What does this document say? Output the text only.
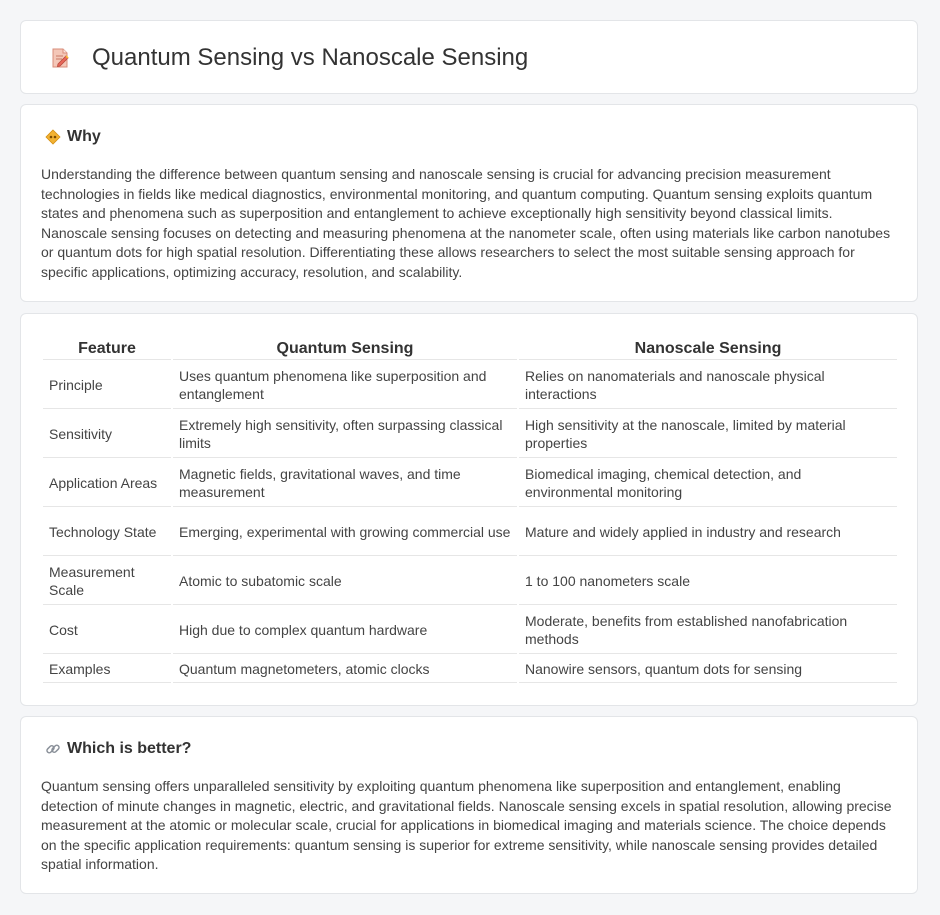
Quantum Sensing vs Nanoscale Sensing
Why

Understanding the difference between quantum sensing and nanoscale sensing is crucial for advancing precision measurement technologies in fields like medical diagnostics, environmental monitoring, and quantum computing. Quantum sensing exploits quantum states and phenomena such as superposition and entanglement to achieve exceptionally high sensitivity beyond classical limits. Nanoscale sensing focuses on detecting and measuring phenomena at the nanometer scale, often using materials like carbon nanotubes or quantum dots for high spatial resolution. Differentiating these allows researchers to select the most suitable sensing approach for specific applications, optimizing accuracy, resolution, and scalability.

Feature	Quantum Sensing	Nanoscale Sensing
Principle	Uses quantum phenomena like superposition and entanglement	Relies on nanomaterials and nanoscale physical interactions
Sensitivity	Extremely high sensitivity, often surpassing classical limits	High sensitivity at the nanoscale, limited by material properties
Application Areas	Magnetic fields, gravitational waves, and time measurement	Biomedical imaging, chemical detection, and environmental monitoring
Technology State	Emerging, experimental with growing commercial use	Mature and widely applied in industry and research
Measurement Scale	Atomic to subatomic scale	1 to 100 nanometers scale
Cost	High due to complex quantum hardware	Moderate, benefits from established nanofabrication methods
Examples	Quantum magnetometers, atomic clocks	Nanowire sensors, quantum dots for sensing
Which is better?

Quantum sensing offers unparalleled sensitivity by exploiting quantum phenomena like superposition and entanglement, enabling detection of minute changes in magnetic, electric, and gravitational fields. Nanoscale sensing excels in spatial resolution, allowing precise measurement at the atomic or molecular scale, crucial for applications in biomedical imaging and materials science. The choice depends on the specific application requirements: quantum sensing is superior for extreme sensitivity, while nanoscale sensing provides detailed spatial information.
